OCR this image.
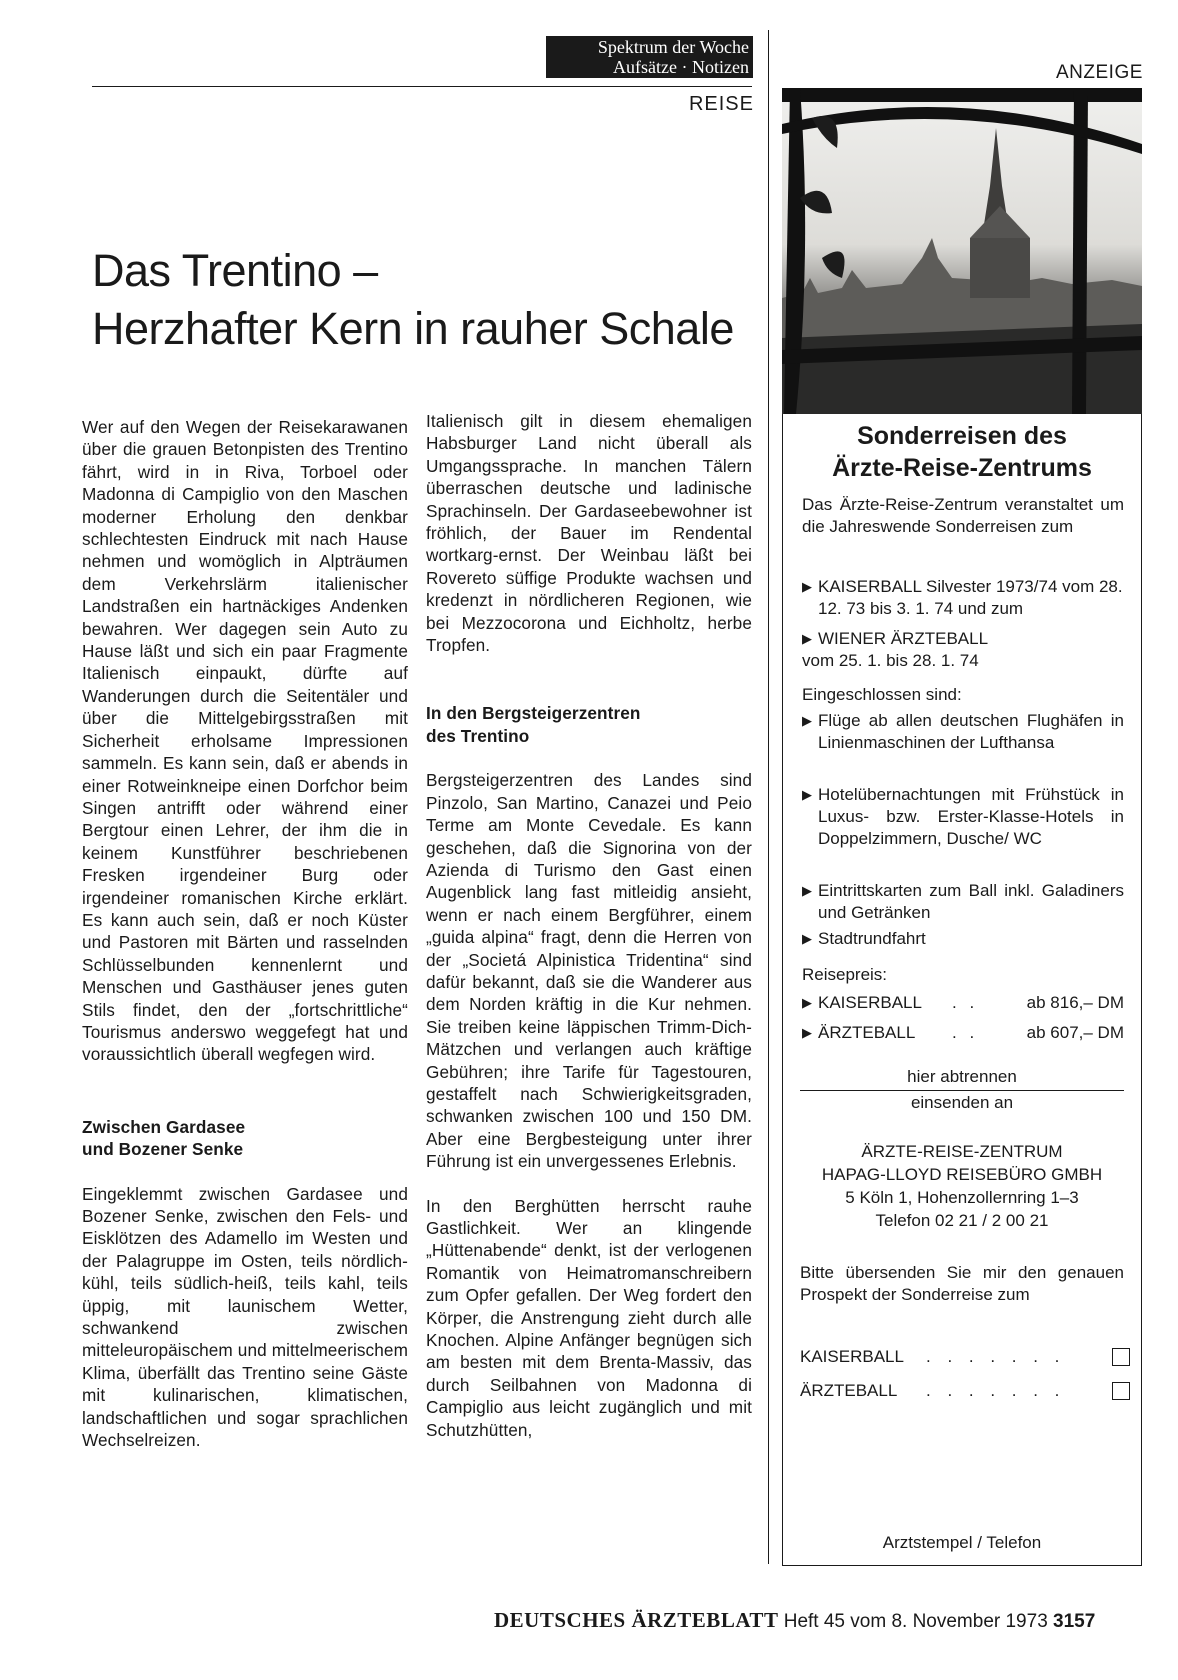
Spektrum der Woche
Aufsätze · Notizen
REISE
ANZEIGE
Das Trentino –
Herzhafter Kern in rauher Schale

Wer auf den Wegen der Reisekarawanen über die grauen Betonpisten des Trentino fährt, wird in in Riva, Torboel oder Madonna di Campiglio von den Maschen moderner Erholung den denkbar schlechtesten Eindruck mit nach Hause nehmen und womöglich in Alpträumen dem Verkehrslärm italienischer Landstraßen ein hartnäckiges Andenken bewahren. Wer dagegen sein Auto zu Hause läßt und sich ein paar Fragmente Italienisch einpaukt, dürfte auf Wanderungen durch die Seitentäler und über die Mittelgebirgsstraßen mit Sicherheit erholsame Impressionen sammeln. Es kann sein, daß er abends in einer Rotweinkneipe einen Dorfchor beim Singen antrifft oder während einer Bergtour einen Lehrer, der ihm die in keinem Kunstführer beschriebenen Fresken irgendeiner Burg oder irgendeiner romanischen Kirche erklärt. Es kann auch sein, daß er noch Küster und Pastoren mit Bärten und rasselnden Schlüsselbunden kennenlernt und Menschen und Gasthäuser jenes guten Stils findet, den der „fortschrittliche“ Tourismus anderswo weggefegt hat und voraussichtlich überall wegfegen wird.

Zwischen Gardasee
und Bozener Senke

Eingeklemmt zwischen Gardasee und Bozener Senke, zwischen den Fels- und Eisklötzen des Adamello im Westen und der Palagruppe im Osten, teils nördlich-kühl, teils südlich-heiß, teils kahl, teils üppig, mit launischem Wetter, schwankend zwischen mitteleuropäischem und mittelmeerischem Klima, überfällt das Trentino seine Gäste mit kulinarischen, klimatischen, landschaftlichen und sogar sprachlichen Wechselreizen.

Italienisch gilt in diesem ehemaligen Habsburger Land nicht überall als Umgangssprache. In manchen Tälern überraschen deutsche und ladinische Sprachinseln. Der Gardaseebewohner ist fröhlich, der Bauer im Rendental wortkarg-ernst. Der Weinbau läßt bei Rovereto süffige Produkte wachsen und kredenzt in nördlicheren Regionen, wie bei Mezzocorona und Eichholtz, herbe Tropfen.

In den Bergsteigerzentren
des Trentino

Bergsteigerzentren des Landes sind Pinzolo, San Martino, Canazei und Peio Terme am Monte Cevedale. Es kann geschehen, daß die Signorina von der Azienda di Turismo den Gast einen Augenblick lang fast mitleidig ansieht, wenn er nach einem Bergführer, einem „guida alpina“ fragt, denn die Herren von der „Societá Alpinistica Tridentina“ sind dafür bekannt, daß sie die Wanderer aus dem Norden kräftig in die Kur nehmen. Sie treiben keine läppischen Trimm-Dich-Mätzchen und verlangen auch kräftige Gebühren; ihre Tarife für Tagestouren, gestaffelt nach Schwierigkeitsgraden, schwanken zwischen 100 und 150 DM. Aber eine Bergbesteigung unter ihrer Führung ist ein unvergessenes Erlebnis.

In den Berghütten herrscht rauhe Gastlichkeit. Wer an klingende „Hüttenabende“ denkt, ist der verlogenen Romantik von Heimatromanschreibern zum Opfer gefallen. Der Weg fordert den Körper, die Anstrengung zieht durch alle Knochen. Alpine Anfänger begnügen sich am besten mit dem Brenta-Massiv, das durch Seilbahnen von Madonna di Campiglio aus leicht zugänglich und mit Schutzhütten,

Sonderreisen des
Ärzte-Reise-Zentrums
Das Ärzte-Reise-Zentrum veranstaltet um die Jahreswende Sonderreisen zum
▶ KAISERBALL Silvester 1973/74 vom 28. 12. 73 bis 3. 1. 74 und zum
▶ WIENER ÄRZTEBALL
vom 25. 1. bis 28. 1. 74
Eingeschlossen sind:
▶ Flüge ab allen deutschen Flughäfen in Linienmaschinen der Lufthansa
▶ Hotelübernachtungen mit Frühstück in Luxus- bzw. Erster-Klasse-Hotels in Doppelzimmern, Dusche/ WC
▶ Eintrittskarten zum Ball inkl. Galadiners und Getränken
▶ Stadtrundfahrt
Reisepreis:
▶ KAISERBALL	. .	ab 816,– DM
▶ ÄRZTEBALL	. .	ab 607,– DM
hier abtrennen
einsenden an
ÄRZTE-REISE-ZENTRUM
HAPAG-LLOYD REISEBÜRO GMBH
5 Köln 1, Hohenzollernring 1–3
Telefon 02 21 / 2 00 21
Bitte übersenden Sie mir den genauen Prospekt der Sonderreise zum
KAISERBALL	. . . . . . .
ÄRZTEBALL	. . . . . . .
Arztstempel / Telefon
DEUTSCHES ÄRZTEBLATT Heft 45 vom 8. November 1973 3157
